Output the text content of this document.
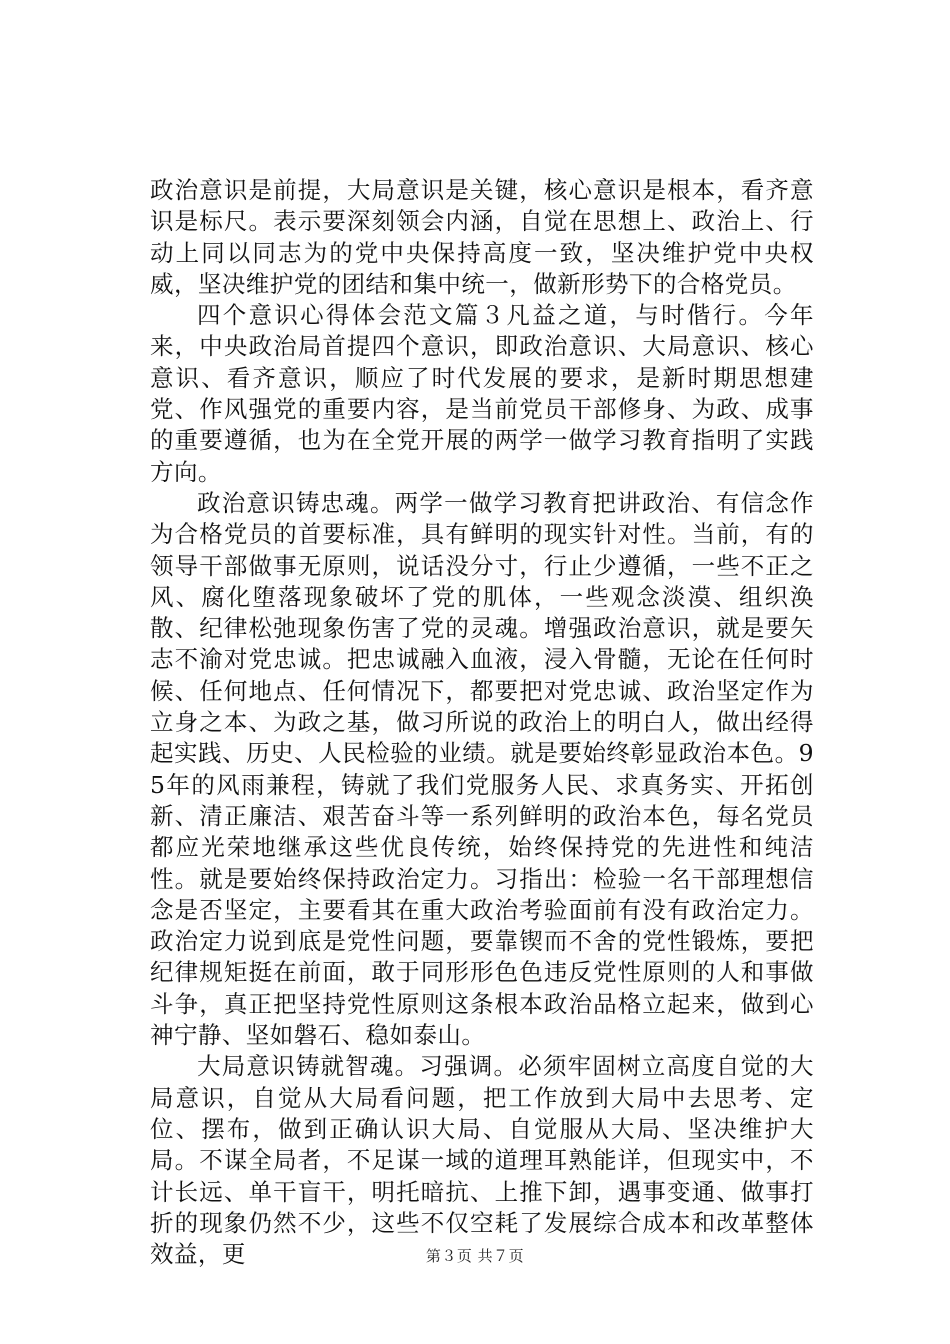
政治意识是前提，大局意识是关键，核心意识是根本，看齐意识是标尺。表示要深刻领会内涵，自觉在思想上、政治上、行动上同以同志为的党中央保持高度一致，坚决维护党中央权威，坚决维护党的团结和集中统一，做新形势下的合格党员。

四个意识心得体会范文篇３凡益之道，与时偕行。今年来，中央政治局首提四个意识，即政治意识、大局意识、核心意识、看齐意识，顺应了时代发展的要求，是新时期思想建党、作风强党的重要内容，是当前党员干部修身、为政、成事的重要遵循，也为在全党开展的两学一做学习教育指明了实践方向。

政治意识铸忠魂。两学一做学习教育把讲政治、有信念作为合格党员的首要标准，具有鲜明的现实针对性。当前，有的领导干部做事无原则，说话没分寸，行止少遵循，一些不正之风、腐化堕落现象破坏了党的肌体，一些观念淡漠、组织涣散、纪律松弛现象伤害了党的灵魂。增强政治意识，就是要矢志不渝对党忠诚。把忠诚融入血液，浸入骨髓，无论在任何时候、任何地点、任何情况下，都要把对党忠诚、政治坚定作为立身之本、为政之基，做习所说的政治上的明白人，做出经得起实践、历史、人民检验的业绩。就是要始终彰显政治本色。95年的风雨兼程，铸就了我们党服务人民、求真务实、开拓创新、清正廉洁、艰苦奋斗等一系列鲜明的政治本色，每名党员都应光荣地继承这些优良传统，始终保持党的先进性和纯洁性。就是要始终保持政治定力。习指出：检验一名干部理想信念是否坚定，主要看其在重大政治考验面前有没有政治定力。政治定力说到底是党性问题，要靠锲而不舍的党性锻炼，要把纪律规矩挺在前面，敢于同形形色色违反党性原则的人和事做斗争，真正把坚持党性原则这条根本政治品格立起来，做到心神宁静、坚如磐石、稳如泰山。

大局意识铸就智魂。习强调。必须牢固树立高度自觉的大局意识，自觉从大局看问题，把工作放到大局中去思考、定位、摆布，做到正确认识大局、自觉服从大局、坚决维护大局。不谋全局者，不足谋一域的道理耳熟能详，但现实中，不计长远、单干盲干，明托暗抗、上推下卸，遇事变通、做事打折的现象仍然不少，这些不仅空耗了发展综合成本和改革整体效益，更	第３页 共７页
